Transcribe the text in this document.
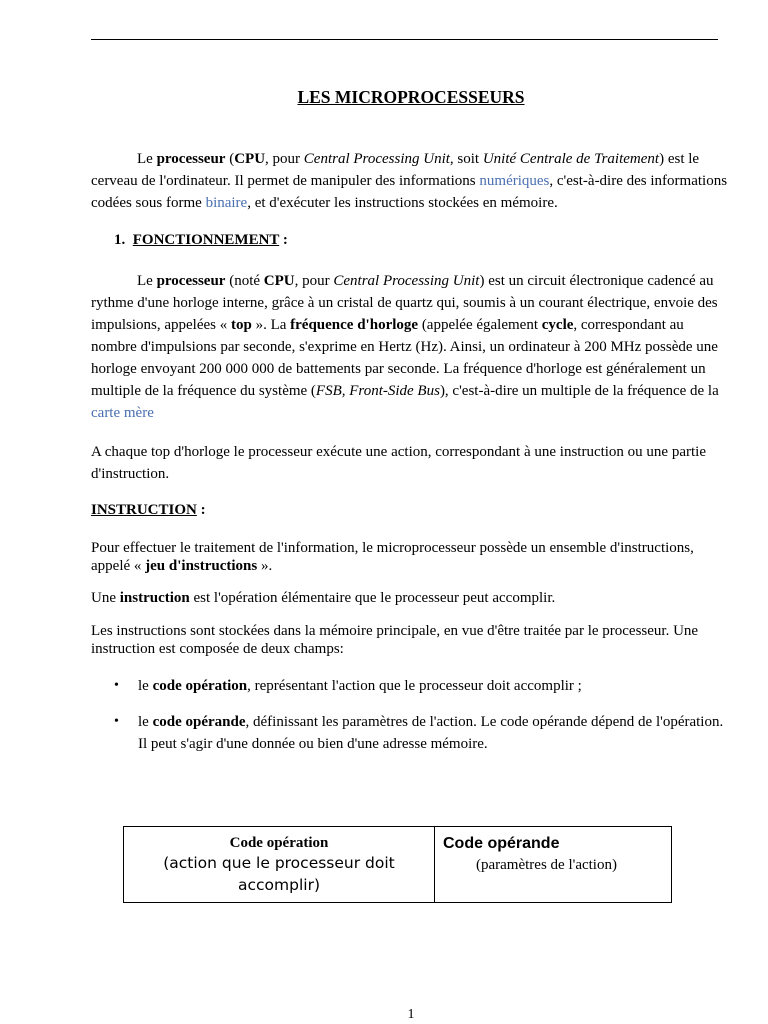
LES MICROPROCESSEURS
Le processeur (CPU, pour Central Processing Unit, soit Unité Centrale de Traitement) est le cerveau de l'ordinateur. Il permet de manipuler des informations numériques, c'est-à-dire des informations codées sous forme binaire, et d'exécuter les instructions stockées en mémoire.
1. FONCTIONNEMENT :
Le processeur (noté CPU, pour Central Processing Unit) est un circuit électronique cadencé au rythme d'une horloge interne, grâce à un cristal de quartz qui, soumis à un courant électrique, envoie des impulsions, appelées « top ». La fréquence d'horloge (appelée également cycle, correspondant au nombre d'impulsions par seconde, s'exprime en Hertz (Hz). Ainsi, un ordinateur à 200 MHz possède une horloge envoyant 200 000 000 de battements par seconde. La fréquence d'horloge est généralement un multiple de la fréquence du système (FSB, Front-Side Bus), c'est-à-dire un multiple de la fréquence de la carte mère
A chaque top d'horloge le processeur exécute une action, correspondant à une instruction ou une partie d'instruction.
INSTRUCTION :
Pour effectuer le traitement de l'information, le microprocesseur possède un ensemble d'instructions, appelé « jeu d'instructions ».
Une instruction est l'opération élémentaire que le processeur peut accomplir.
Les instructions sont stockées dans la mémoire principale, en vue d'être traitée par le processeur. Une instruction est composée de deux champs:
• le code opération, représentant l'action que le processeur doit accomplir ;
• le code opérande, définissant les paramètres de l'action. Le code opérande dépend de l'opération. Il peut s'agir d'une donnée ou bien d'une adresse mémoire.
Code opération
(action que le processeur doit accomplir)

Code opérande
(paramètres de l'action)
1
